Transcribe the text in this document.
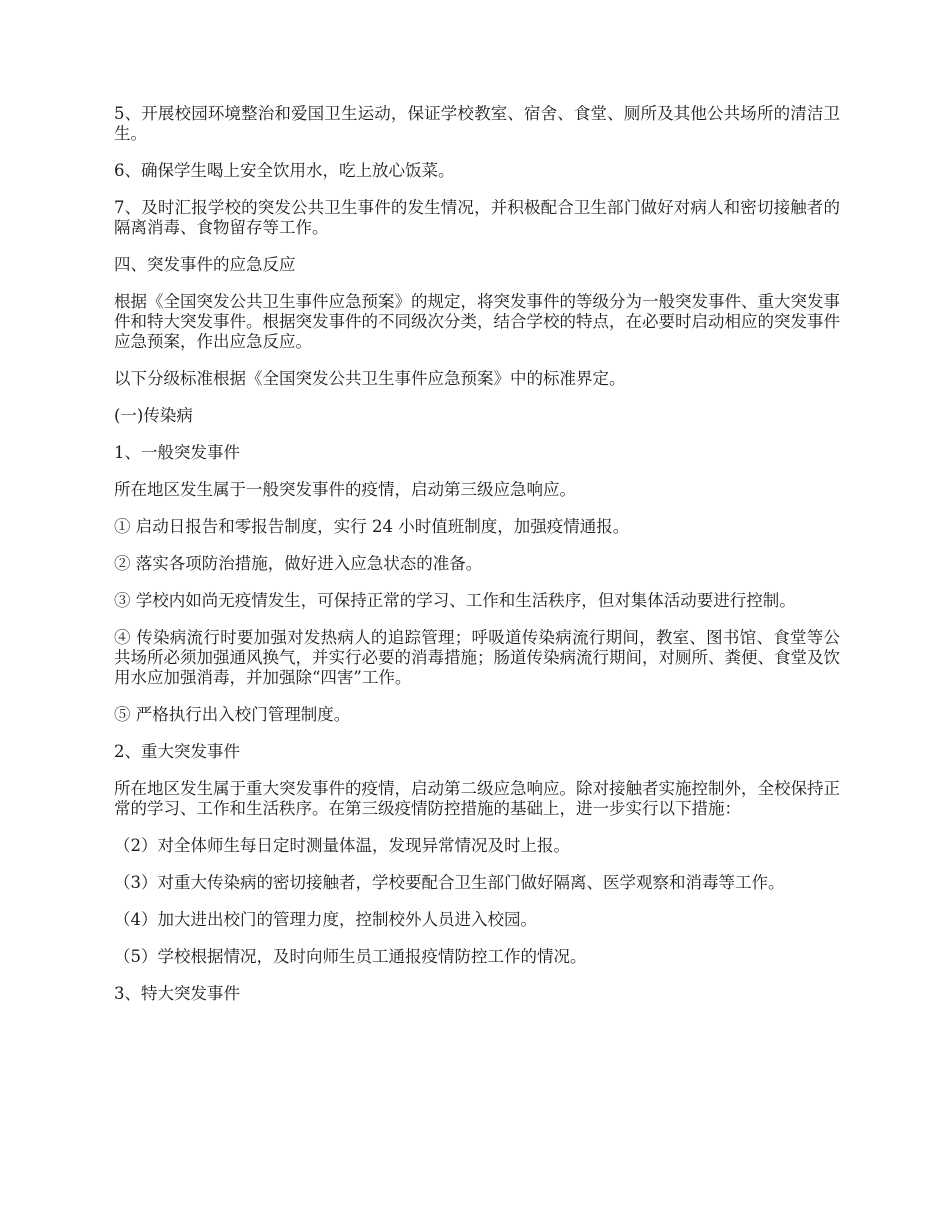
5、开展校园环境整治和爱国卫生运动，保证学校教室、宿舍、食堂、厕所及其他公共场所的清洁卫生。

6、确保学生喝上安全饮用水，吃上放心饭菜。

7、及时汇报学校的突发公共卫生事件的发生情况，并积极配合卫生部门做好对病人和密切接触者的隔离消毒、食物留存等工作。

四、突发事件的应急反应

根据《全国突发公共卫生事件应急预案》的规定，将突发事件的等级分为一般突发事件、重大突发事件和特大突发事件。根据突发事件的不同级次分类，结合学校的特点，在必要时启动相应的突发事件应急预案，作出应急反应。

以下分级标准根据《全国突发公共卫生事件应急预案》中的标准界定。

(一)传染病

1、一般突发事件

所在地区发生属于一般突发事件的疫情，启动第三级应急响应。

① 启动日报告和零报告制度，实行 24 小时值班制度，加强疫情通报。

② 落实各项防治措施，做好进入应急状态的准备。

③ 学校内如尚无疫情发生，可保持正常的学习、工作和生活秩序，但对集体活动要进行控制。

④ 传染病流行时要加强对发热病人的追踪管理；呼吸道传染病流行期间，教室、图书馆、食堂等公共场所必须加强通风换气，并实行必要的消毒措施；肠道传染病流行期间，对厕所、粪便、食堂及饮用水应加强消毒，并加强除“四害”工作。

⑤ 严格执行出入校门管理制度。

2、重大突发事件

所在地区发生属于重大突发事件的疫情，启动第二级应急响应。除对接触者实施控制外，全校保持正常的学习、工作和生活秩序。在第三级疫情防控措施的基础上，进一步实行以下措施：

（2）对全体师生每日定时测量体温，发现异常情况及时上报。

（3）对重大传染病的密切接触者，学校要配合卫生部门做好隔离、医学观察和消毒等工作。

（4）加大进出校门的管理力度，控制校外人员进入校园。

（5）学校根据情况，及时向师生员工通报疫情防控工作的情况。

3、特大突发事件
